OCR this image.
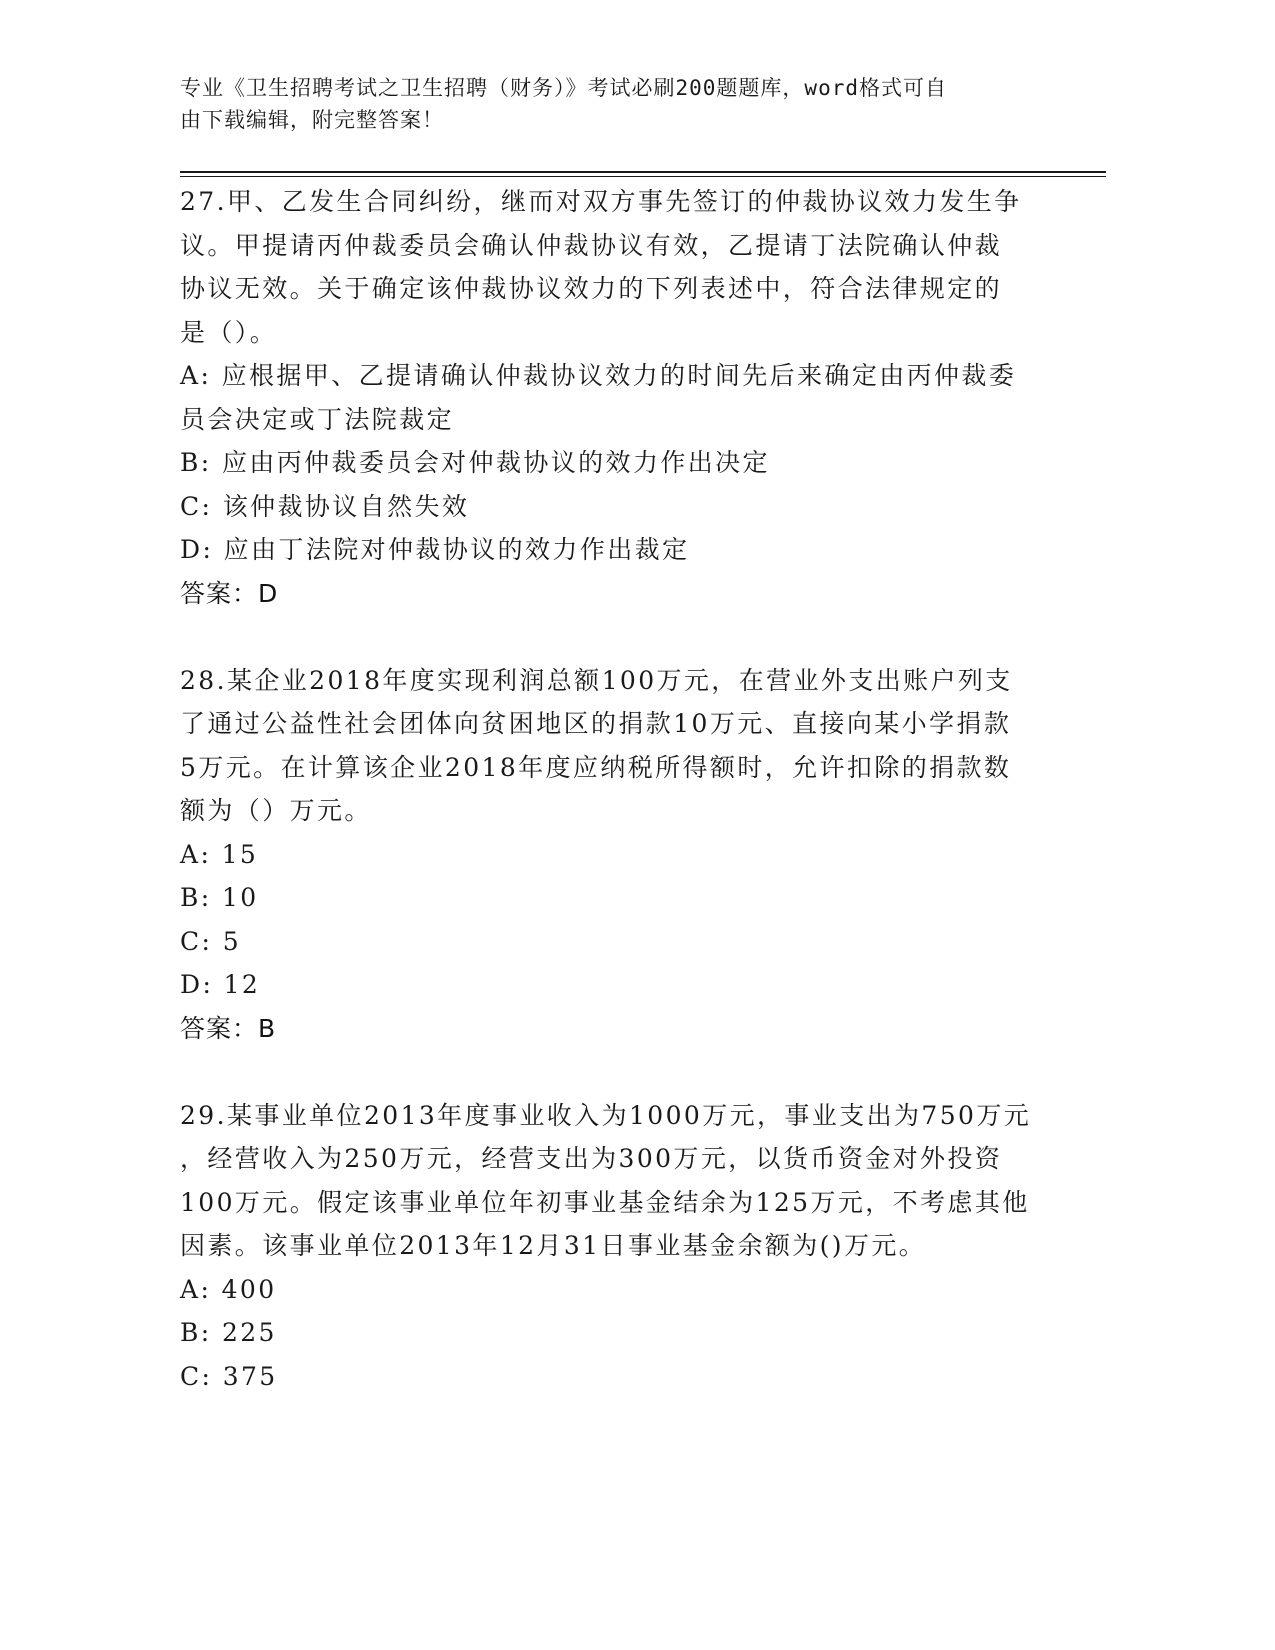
专业《卫生招聘考试之卫生招聘（财务）》考试必刷200题题库，word格式可自
由下载编辑，附完整答案！

27.甲、乙发生合同纠纷，继而对双方事先签订的仲裁协议效力发生争

议。甲提请丙仲裁委员会确认仲裁协议有效，乙提请丁法院确认仲裁

协议无效。关于确定该仲裁协议效力的下列表述中，符合法律规定的

是（）。

A: 应根据甲、乙提请确认仲裁协议效力的时间先后来确定由丙仲裁委

员会决定或丁法院裁定

B: 应由丙仲裁委员会对仲裁协议的效力作出决定

C: 该仲裁协议自然失效

D: 应由丁法院对仲裁协议的效力作出裁定

答案：D

28.某企业2018年度实现利润总额100万元，在营业外支出账户列支

了通过公益性社会团体向贫困地区的捐款10万元、直接向某小学捐款

5万元。在计算该企业2018年度应纳税所得额时，允许扣除的捐款数

额为（）万元。

A: 15

B: 10

C: 5

D: 12

答案：B

29.某事业单位2013年度事业收入为1000万元，事业支出为750万元

，经营收入为250万元，经营支出为300万元，以货币资金对外投资

100万元。假定该事业单位年初事业基金结余为125万元，不考虑其他

因素。该事业单位2013年12月31日事业基金余额为()万元。

A: 400

B: 225

C: 375
